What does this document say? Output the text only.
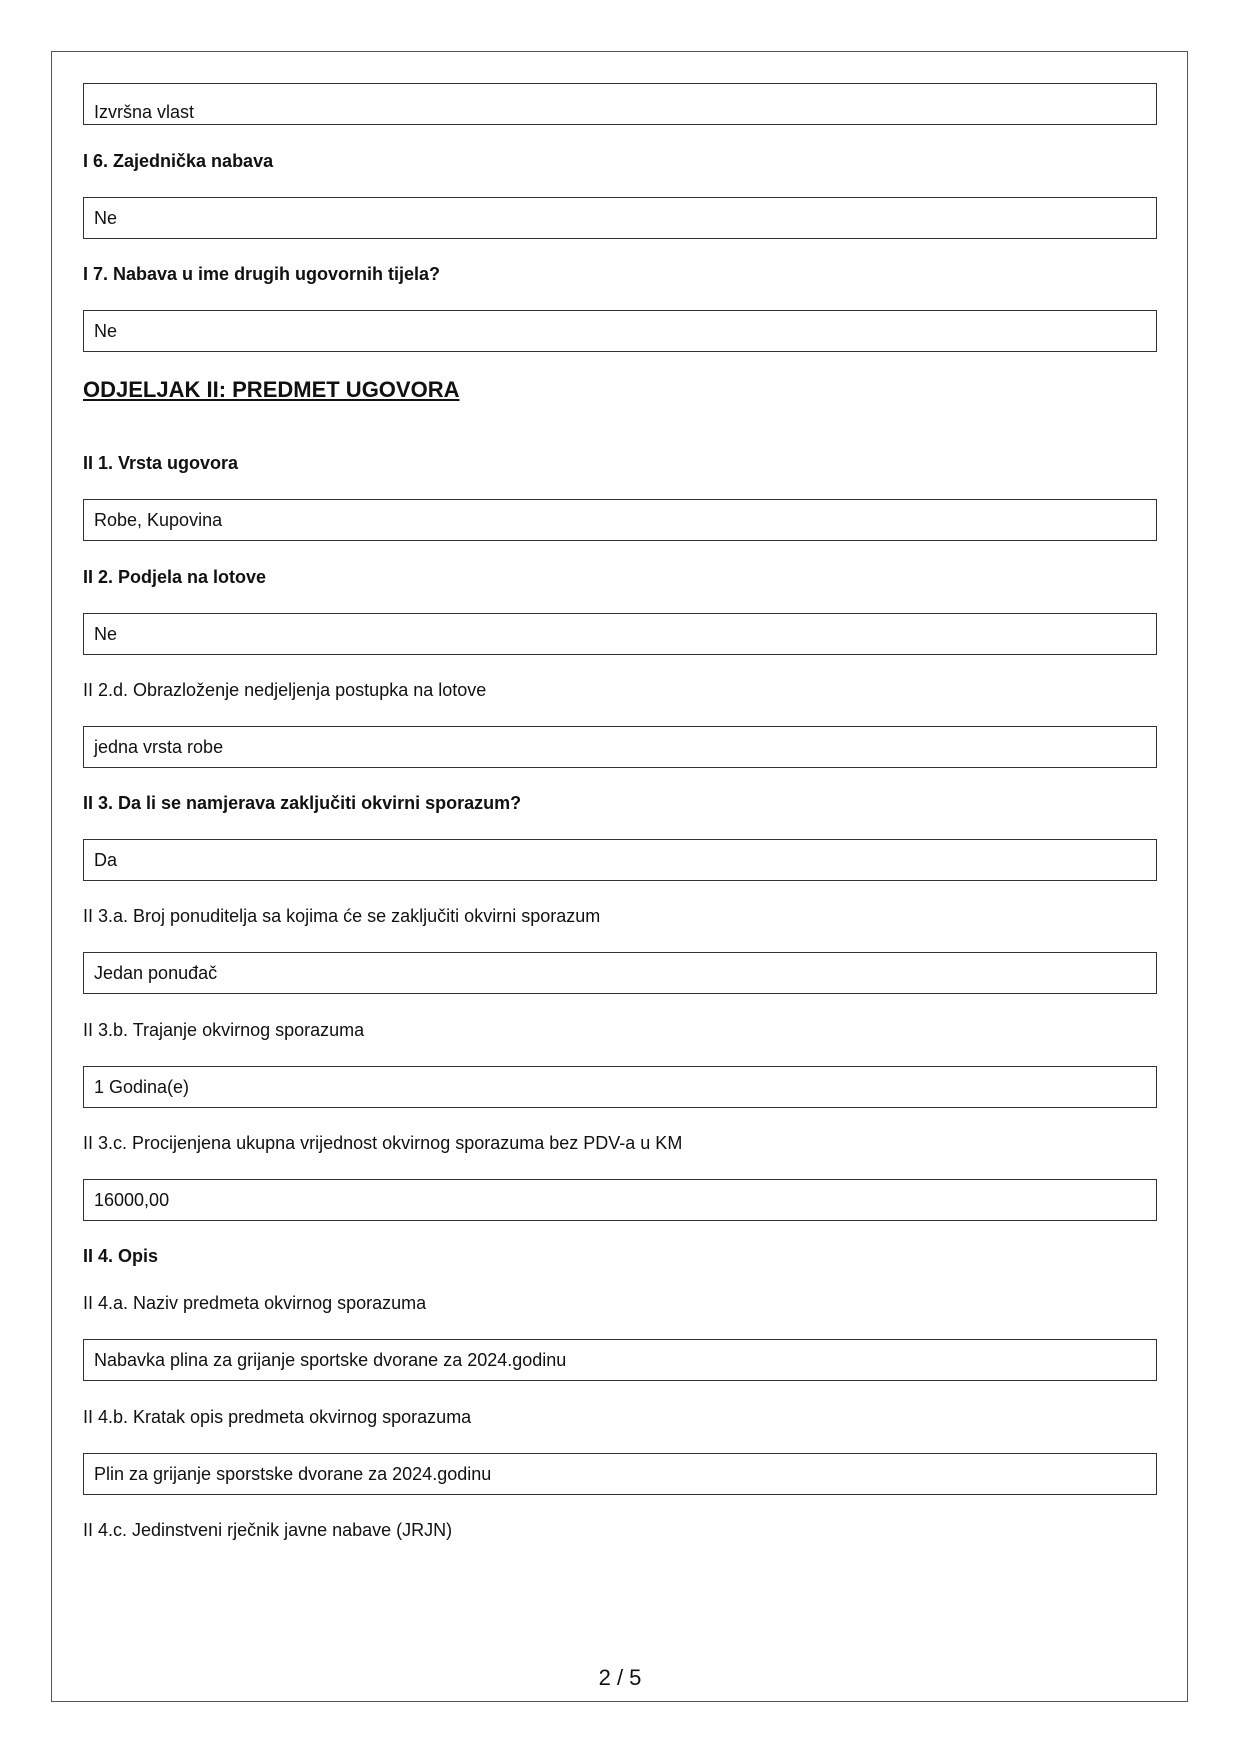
Izvršna vlast

I 6. Zajednička nabava

Ne

I 7. Nabava u ime drugih ugovornih tijela?

Ne

ODJELJAK II: PREDMET UGOVORA

II 1. Vrsta ugovora

Robe, Kupovina

II 2. Podjela na lotove

Ne

II 2.d. Obrazloženje nedjeljenja postupka na lotove

jedna vrsta robe

II 3. Da li se namjerava zaključiti okvirni sporazum?

Da

II 3.a. Broj ponuditelja sa kojima će se zaključiti okvirni sporazum

Jedan ponuđač

II 3.b. Trajanje okvirnog sporazuma

1 Godina(e)

II 3.c. Procijenjena ukupna vrijednost okvirnog sporazuma bez PDV-a u KM

16000,00

II 4. Opis

II 4.a. Naziv predmeta okvirnog sporazuma

Nabavka plina za grijanje sportske dvorane za 2024.godinu

II 4.b. Kratak opis predmeta okvirnog sporazuma

Plin za grijanje sporstske dvorane za 2024.godinu

II 4.c. Jedinstveni rječnik javne nabave (JRJN)

2 / 5
